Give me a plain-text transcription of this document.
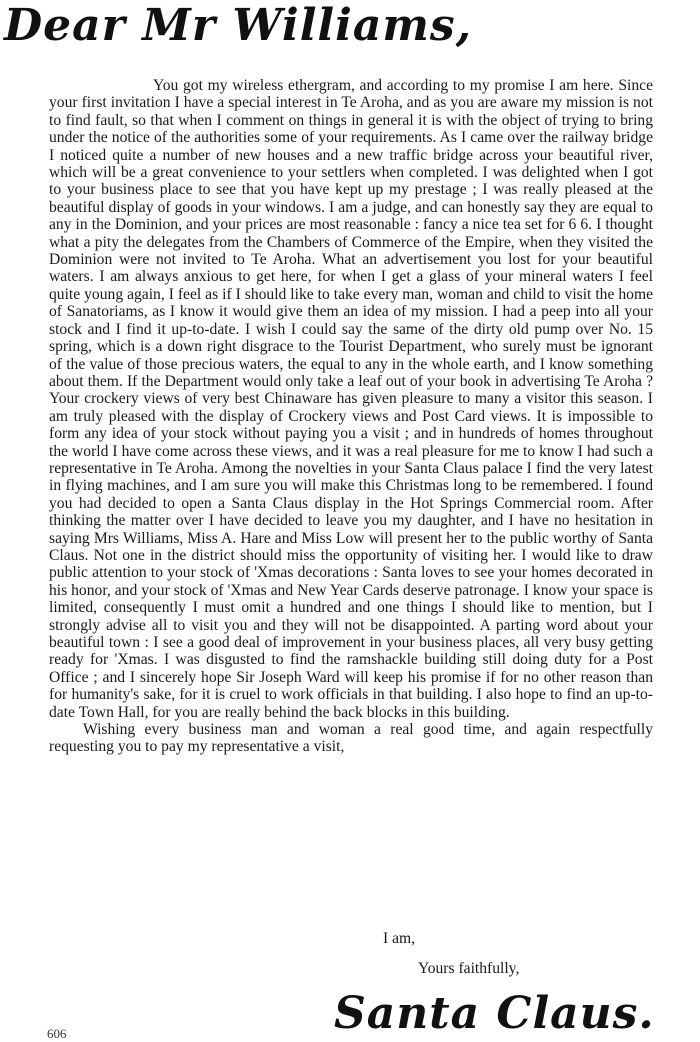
Dear Mr Williams,

You got my wireless ethergram, and according to my promise I am here. Since your first invitation I have a special interest in Te Aroha, and as you are aware my mission is not to find fault, so that when I comment on things in general it is with the object of trying to bring under the notice of the authorities some of your requirements. As I came over the railway bridge I noticed quite a number of new houses and a new traffic bridge across your beautiful river, which will be a great convenience to your settlers when completed. I was delighted when I got to your business place to see that you have kept up my prestage ; I was really pleased at the beautiful display of goods in your windows. I am a judge, and can honestly say they are equal to any in the Dominion, and your prices are most reasonable : fancy a nice tea set for 6 6. I thought what a pity the delegates from the Chambers of Commerce of the Empire, when they visited the Dominion were not invited to Te Aroha. What an advertisement you lost for your beautiful waters. I am always anxious to get here, for when I get a glass of your mineral waters I feel quite young again, I feel as if I should like to take every man, woman and child to visit the home of Sanatoriams, as I know it would give them an idea of my mission. I had a peep into all your stock and I find it up-to-date. I wish I could say the same of the dirty old pump over No. 15 spring, which is a down right disgrace to the Tourist Department, who surely must be ignorant of the value of those precious waters, the equal to any in the whole earth, and I know something about them. If the Department would only take a leaf out of your book in advertising Te Aroha ? Your crockery views of very best Chinaware has given pleasure to many a visitor this season. I am truly pleased with the display of Crockery views and Post Card views. It is impossible to form any idea of your stock without paying you a visit ; and in hundreds of homes throughout the world I have come across these views, and it was a real pleasure for me to know I had such a representative in Te Aroha. Among the novelties in your Santa Claus palace I find the very latest in flying machines, and I am sure you will make this Christmas long to be remembered. I found you had decided to open a Santa Claus display in the Hot Springs Commercial room. After thinking the matter over I have decided to leave you my daughter, and I have no hesitation in saying Mrs Williams, Miss A. Hare and Miss Low will present her to the public worthy of Santa Claus. Not one in the district should miss the opportunity of visiting her. I would like to draw public attention to your stock of 'Xmas decorations : Santa loves to see your homes decorated in his honor, and your stock of 'Xmas and New Year Cards deserve patronage. I know your space is limited, consequently I must omit a hundred and one things I should like to mention, but I strongly advise all to visit you and they will not be disappointed. A parting word about your beautiful town : I see a good deal of improvement in your business places, all very busy getting ready for 'Xmas. I was disgusted to find the ramshackle building still doing duty for a Post Office ; and I sincerely hope Sir Joseph Ward will keep his promise if for no other reason than for humanity's sake, for it is cruel to work officials in that building. I also hope to find an up-to-date Town Hall, for you are really behind the back blocks in this building.

Wishing every business man and woman a real good time, and again respectfully requesting you to pay my representative a visit,

I am,
Yours faithfully,
Santa Claus.
606
